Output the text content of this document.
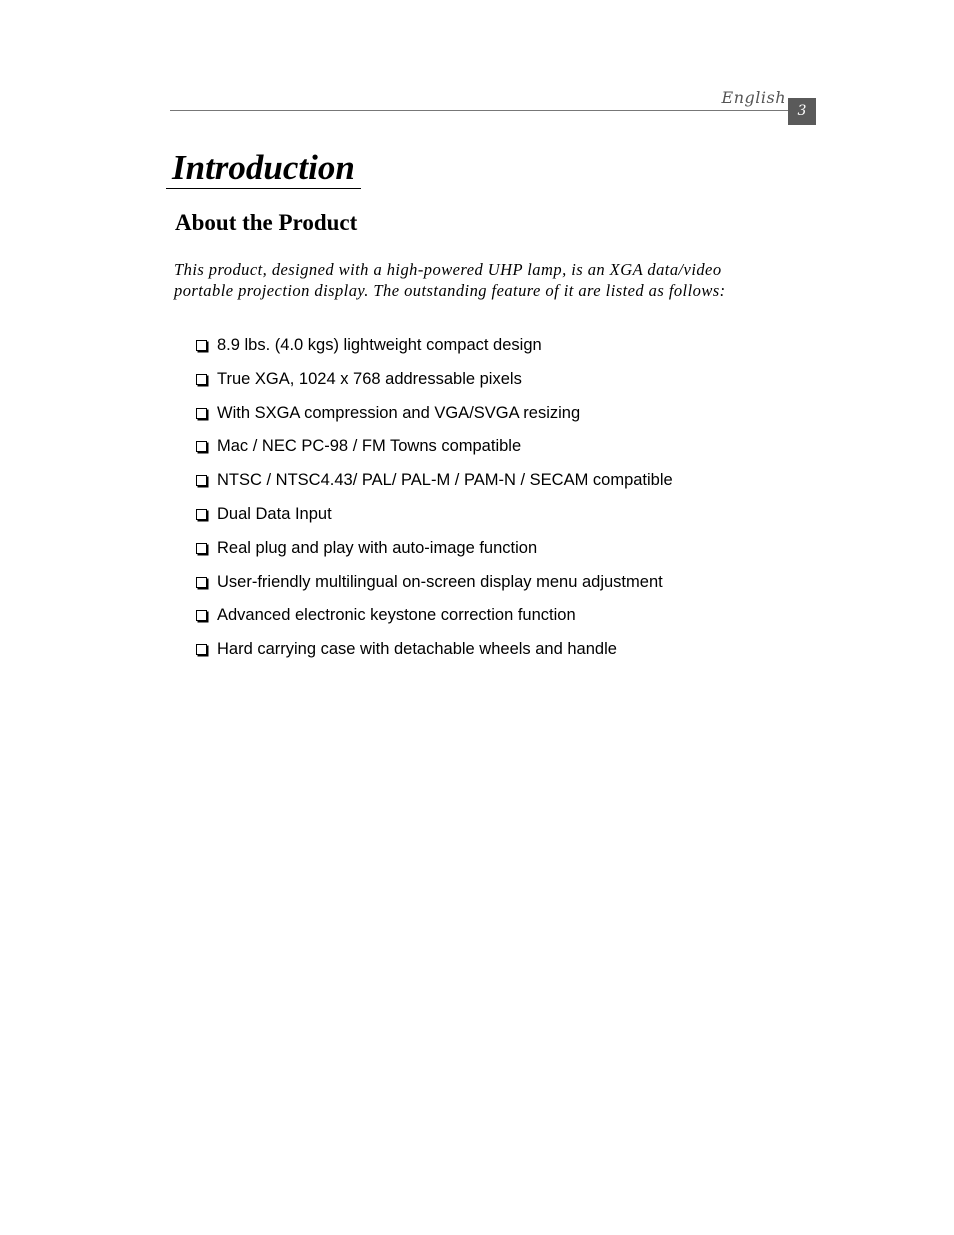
English
3
Introduction
About the Product

This product, designed with a high-powered UHP lamp, is an XGA data/video
portable projection display. The outstanding feature of it are listed as follows:

8.9 lbs. (4.0 kgs) lightweight compact design
True XGA, 1024 x 768 addressable pixels
With SXGA compression and VGA/SVGA resizing
Mac / NEC PC-98 / FM Towns compatible
NTSC / NTSC4.43/ PAL/ PAL-M / PAM-N / SECAM compatible
Dual Data Input
Real plug and play with auto-image function
User-friendly multilingual on-screen display menu adjustment
Advanced electronic keystone correction function
Hard carrying case with detachable wheels and handle
